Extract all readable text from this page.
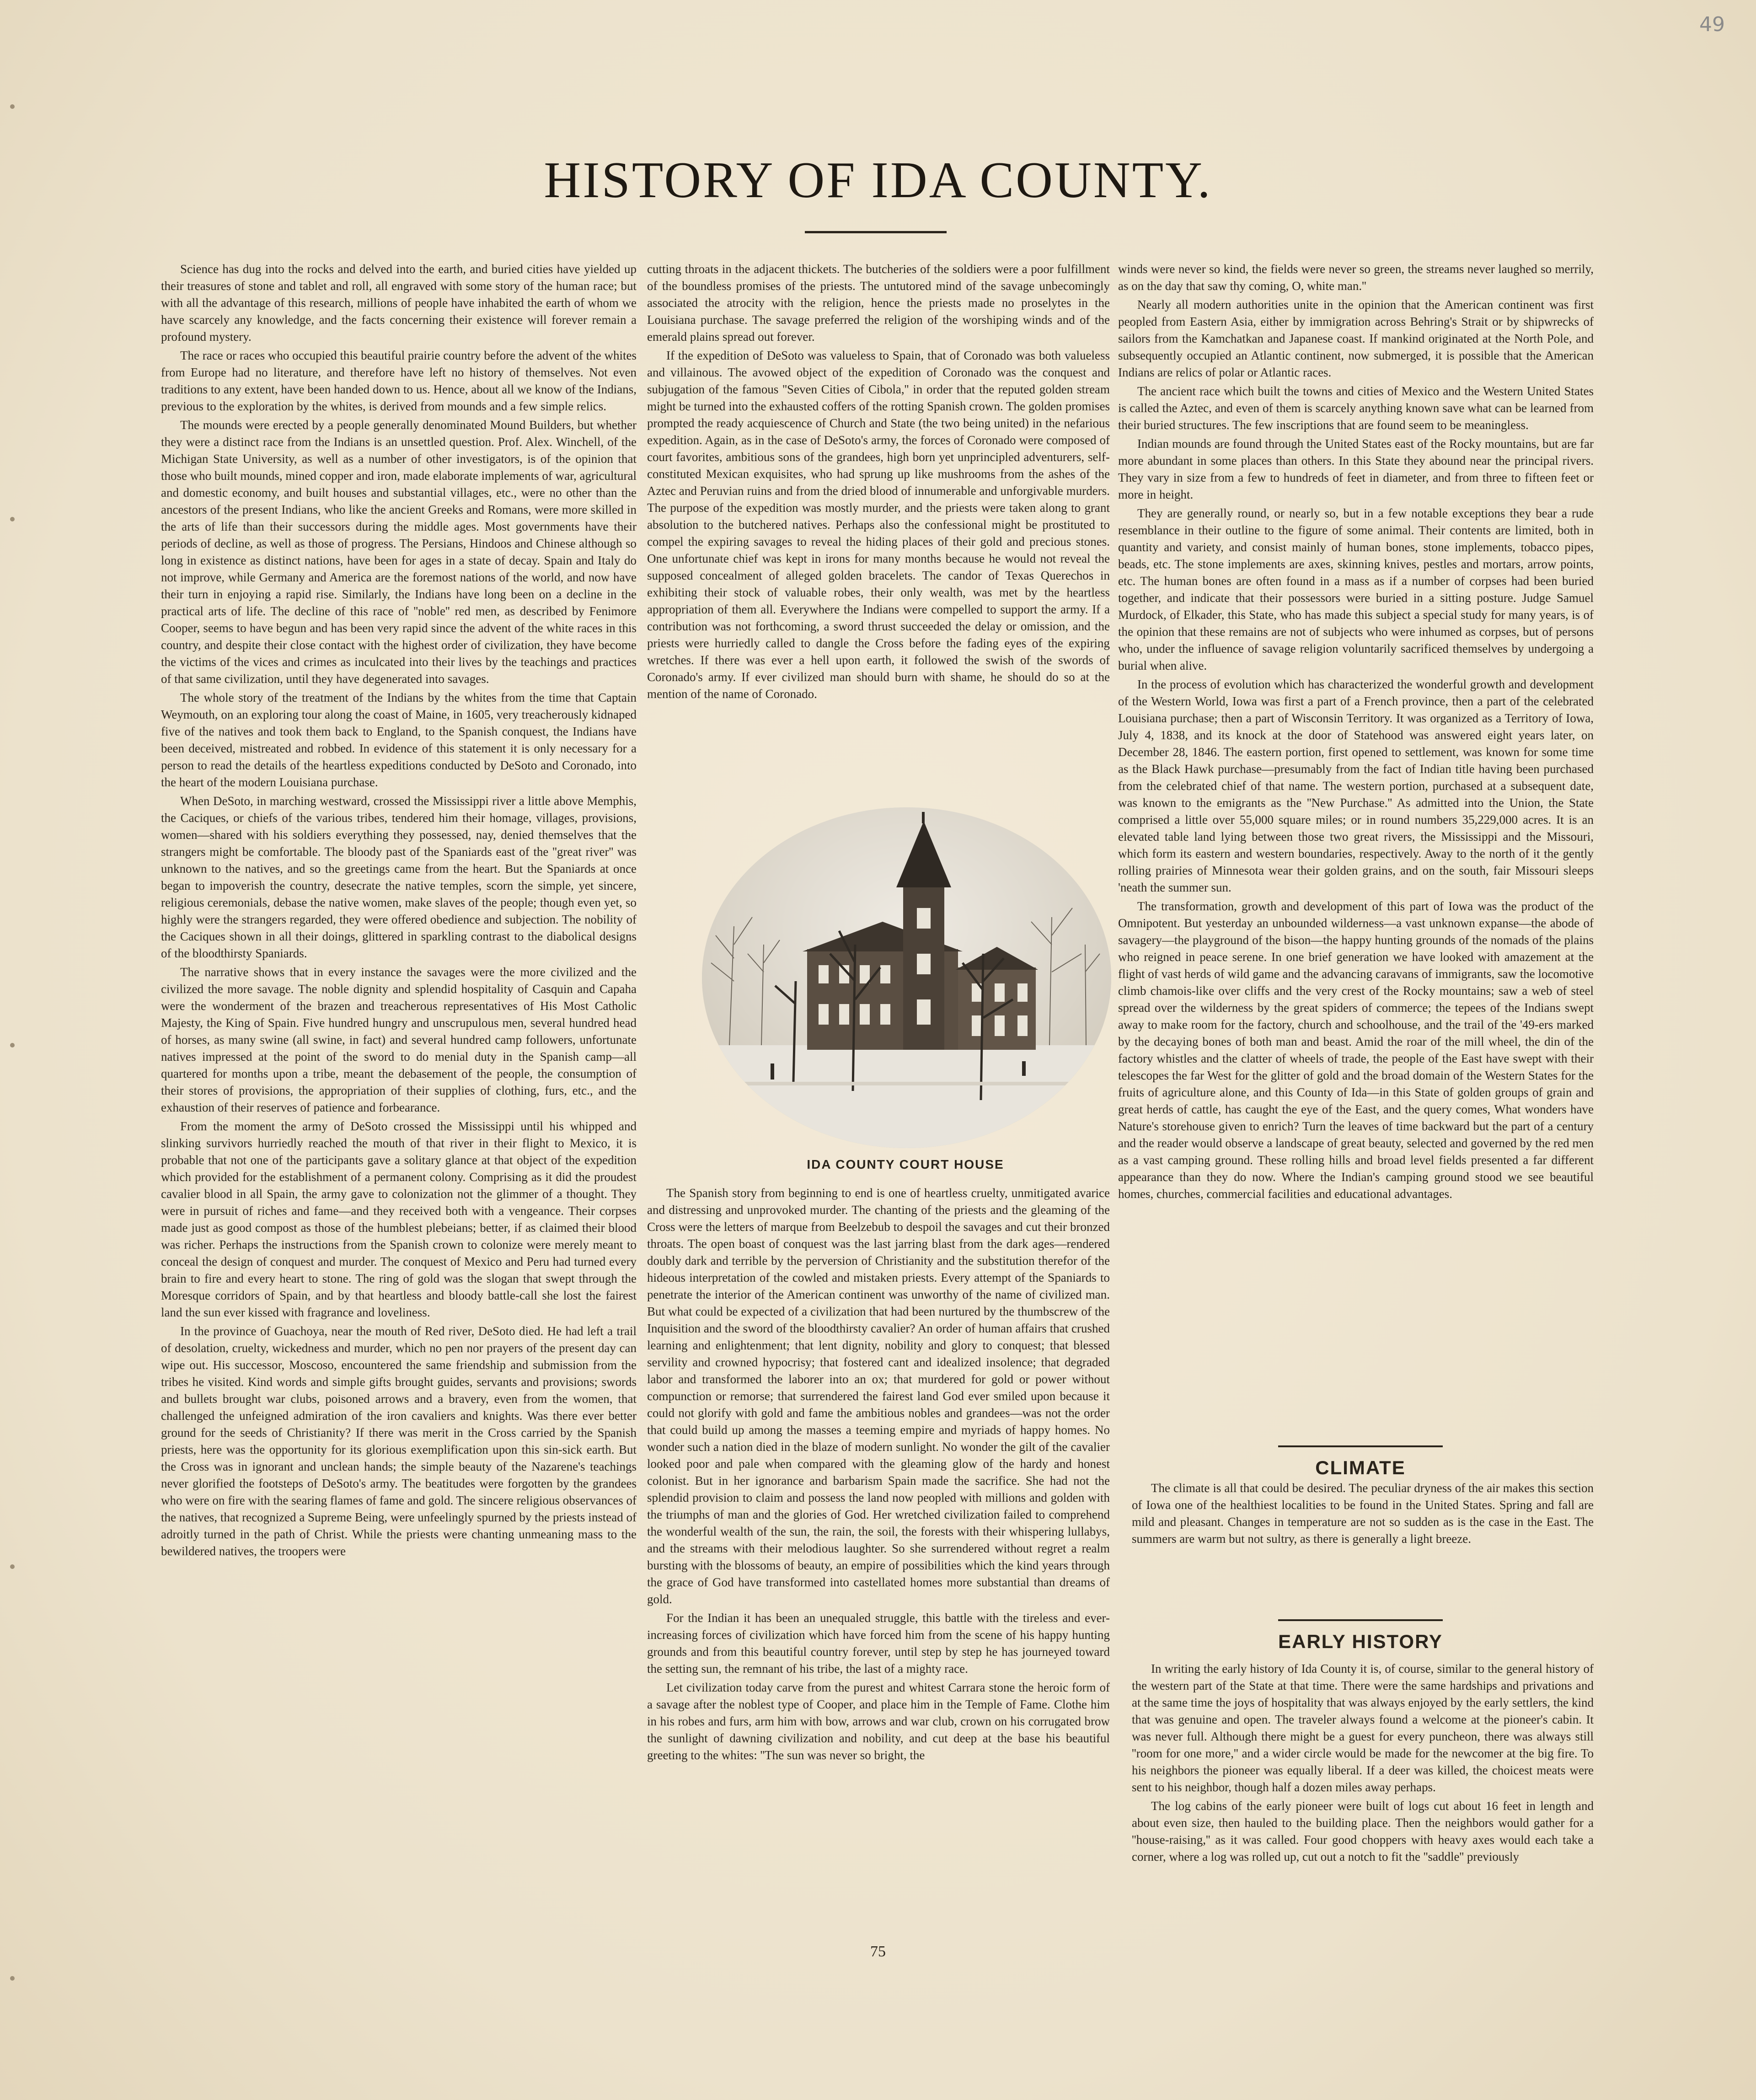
49
HISTORY OF IDA COUNTY.

Science has dug into the rocks and delved into the earth, and buried cities have yielded up their treasures of stone and tablet and roll, all engraved with some story of the human race; but with all the advantage of this research, millions of people have inhabited the earth of whom we have scarcely any knowledge, and the facts concerning their existence will forever remain a profound mystery.

The race or races who occupied this beautiful prairie country before the advent of the whites from Europe had no literature, and therefore have left no history of themselves. Not even traditions to any extent, have been handed down to us. Hence, about all we know of the Indians, previous to the exploration by the whites, is derived from mounds and a few simple relics.

The mounds were erected by a people generally denominated Mound Builders, but whether they were a distinct race from the Indians is an unsettled question. Prof. Alex. Winchell, of the Michigan State University, as well as a number of other investigators, is of the opinion that those who built mounds, mined copper and iron, made elaborate implements of war, agricultural and domestic economy, and built houses and substantial villages, etc., were no other than the ancestors of the present Indians, who like the ancient Greeks and Romans, were more skilled in the arts of life than their successors during the middle ages. Most governments have their periods of decline, as well as those of progress. The Persians, Hindoos and Chinese although so long in existence as distinct nations, have been for ages in a state of decay. Spain and Italy do not improve, while Germany and America are the foremost nations of the world, and now have their turn in enjoying a rapid rise. Similarly, the Indians have long been on a decline in the practical arts of life. The decline of this race of ''noble'' red men, as described by Fenimore Cooper, seems to have begun and has been very rapid since the advent of the white races in this country, and despite their close contact with the highest order of civilization, they have become the victims of the vices and crimes as inculcated into their lives by the teachings and practices of that same civilization, until they have degenerated into savages.

The whole story of the treatment of the Indians by the whites from the time that Captain Weymouth, on an exploring tour along the coast of Maine, in 1605, very treacherously kidnaped five of the natives and took them back to England, to the Spanish conquest, the Indians have been deceived, mistreated and robbed. In evidence of this statement it is only necessary for a person to read the details of the heartless expeditions conducted by DeSoto and Coronado, into the heart of the modern Louisiana purchase.

When DeSoto, in marching westward, crossed the Mississippi river a little above Memphis, the Caciques, or chiefs of the various tribes, tendered him their homage, villages, provisions, women—shared with his soldiers everything they possessed, nay, denied themselves that the strangers might be comfortable. The bloody past of the Spaniards east of the ''great river'' was unknown to the natives, and so the greetings came from the heart. But the Spaniards at once began to impoverish the country, desecrate the native temples, scorn the simple, yet sincere, religious ceremonials, debase the native women, make slaves of the people; though even yet, so highly were the strangers regarded, they were offered obedience and subjection. The nobility of the Caciques shown in all their doings, glittered in sparkling contrast to the diabolical designs of the bloodthirsty Spaniards.

The narrative shows that in every instance the savages were the more civilized and the civilized the more savage. The noble dignity and splendid hospitality of Casquin and Capaha were the wonderment of the brazen and treacherous representatives of His Most Catholic Majesty, the King of Spain. Five hundred hungry and unscrupulous men, several hundred head of horses, as many swine (all swine, in fact) and several hundred camp followers, unfortunate natives impressed at the point of the sword to do menial duty in the Spanish camp—all quartered for months upon a tribe, meant the debasement of the people, the consumption of their stores of provisions, the appropriation of their supplies of clothing, furs, etc., and the exhaustion of their reserves of patience and forbearance.

From the moment the army of DeSoto crossed the Mississippi until his whipped and slinking survivors hurriedly reached the mouth of that river in their flight to Mexico, it is probable that not one of the participants gave a solitary glance at that object of the expedition which provided for the establishment of a permanent colony. Comprising as it did the proudest cavalier blood in all Spain, the army gave to colonization not the glimmer of a thought. They were in pursuit of riches and fame—and they received both with a vengeance. Their corpses made just as good compost as those of the humblest plebeians; better, if as claimed their blood was richer. Perhaps the instructions from the Spanish crown to colonize were merely meant to conceal the design of conquest and murder. The conquest of Mexico and Peru had turned every brain to fire and every heart to stone. The ring of gold was the slogan that swept through the Moresque corridors of Spain, and by that heartless and bloody battle-call she lost the fairest land the sun ever kissed with fragrance and loveliness.

In the province of Guachoya, near the mouth of Red river, DeSoto died. He had left a trail of desolation, cruelty, wickedness and murder, which no pen nor prayers of the present day can wipe out. His successor, Moscoso, encountered the same friendship and submission from the tribes he visited. Kind words and simple gifts brought guides, servants and provisions; swords and bullets brought war clubs, poisoned arrows and a bravery, even from the women, that challenged the unfeigned admiration of the iron cavaliers and knights. Was there ever better ground for the seeds of Christianity? If there was merit in the Cross carried by the Spanish priests, here was the opportunity for its glorious exemplification upon this sin-sick earth. But the Cross was in ignorant and unclean hands; the simple beauty of the Nazarene's teachings never glorified the footsteps of DeSoto's army. The beatitudes were forgotten by the grandees who were on fire with the searing flames of fame and gold. The sincere religious observances of the natives, that recognized a Supreme Being, were unfeelingly spurned by the priests instead of adroitly turned in the path of Christ. While the priests were chanting unmeaning mass to the bewildered natives, the troopers were

cutting throats in the adjacent thickets. The butcheries of the soldiers were a poor fulfillment of the boundless promises of the priests. The untutored mind of the savage unbecomingly associated the atrocity with the religion, hence the priests made no proselytes in the Louisiana purchase. The savage preferred the religion of the worshiping winds and of the emerald plains spread out forever.

If the expedition of DeSoto was valueless to Spain, that of Coronado was both valueless and villainous. The avowed object of the expedition of Coronado was the conquest and subjugation of the famous ''Seven Cities of Cibola,'' in order that the reputed golden stream might be turned into the exhausted coffers of the rotting Spanish crown. The golden promises prompted the ready acquiescence of Church and State (the two being united) in the nefarious expedition. Again, as in the case of DeSoto's army, the forces of Coronado were composed of court favorites, ambitious sons of the grandees, high born yet unprincipled adventurers, self-constituted Mexican exquisites, who had sprung up like mushrooms from the ashes of the Aztec and Peruvian ruins and from the dried blood of innumerable and unforgivable murders. The purpose of the expedition was mostly murder, and the priests were taken along to grant absolution to the butchered natives. Perhaps also the confessional might be prostituted to compel the expiring savages to reveal the hiding places of their gold and precious stones. One unfortunate chief was kept in irons for many months because he would not reveal the supposed concealment of alleged golden bracelets. The candor of Texas Querechos in exhibiting their stock of valuable robes, their only wealth, was met by the heartless appropriation of them all. Everywhere the Indians were compelled to support the army. If a contribution was not forthcoming, a sword thrust succeeded the delay or omission, and the priests were hurriedly called to dangle the Cross before the fading eyes of the expiring wretches. If there was ever a hell upon earth, it followed the swish of the swords of Coronado's army. If ever civilized man should burn with shame, he should do so at the mention of the name of Coronado.

IDA COUNTY COURT HOUSE

The Spanish story from beginning to end is one of heartless cruelty, unmitigated avarice and distressing and unprovoked murder. The chanting of the priests and the gleaming of the Cross were the letters of marque from Beelzebub to despoil the savages and cut their bronzed throats. The open boast of conquest was the last jarring blast from the dark ages—rendered doubly dark and terrible by the perversion of Christianity and the substitution therefor of the hideous interpretation of the cowled and mistaken priests. Every attempt of the Spaniards to penetrate the interior of the American continent was unworthy of the name of civilized man. But what could be expected of a civilization that had been nurtured by the thumbscrew of the Inquisition and the sword of the bloodthirsty cavalier? An order of human affairs that crushed learning and enlightenment; that lent dignity, nobility and glory to conquest; that blessed servility and crowned hypocrisy; that fostered cant and idealized insolence; that degraded labor and transformed the laborer into an ox; that murdered for gold or power without compunction or remorse; that surrendered the fairest land God ever smiled upon because it could not glorify with gold and fame the ambitious nobles and grandees—was not the order that could build up among the masses a teeming empire and myriads of happy homes. No wonder such a nation died in the blaze of modern sunlight. No wonder the gilt of the cavalier looked poor and pale when compared with the gleaming glow of the hardy and honest colonist. But in her ignorance and barbarism Spain made the sacrifice. She had not the splendid provision to claim and possess the land now peopled with millions and golden with the triumphs of man and the glories of God. Her wretched civilization failed to comprehend the wonderful wealth of the sun, the rain, the soil, the forests with their whispering lullabys, and the streams with their melodious laughter. So she surrendered without regret a realm bursting with the blossoms of beauty, an empire of possibilities which the kind years through the grace of God have transformed into castellated homes more substantial than dreams of gold.

For the Indian it has been an unequaled struggle, this battle with the tireless and ever-increasing forces of civilization which have forced him from the scene of his happy hunting grounds and from this beautiful country forever, until step by step he has journeyed toward the setting sun, the remnant of his tribe, the last of a mighty race.

Let civilization today carve from the purest and whitest Carrara stone the heroic form of a savage after the noblest type of Cooper, and place him in the Temple of Fame. Clothe him in his robes and furs, arm him with bow, arrows and war club, crown on his corrugated brow the sunlight of dawning civilization and nobility, and cut deep at the base his beautiful greeting to the whites: ''The sun was never so bright, the

winds were never so kind, the fields were never so green, the streams never laughed so merrily, as on the day that saw thy coming, O, white man.''

Nearly all modern authorities unite in the opinion that the American continent was first peopled from Eastern Asia, either by immigration across Behring's Strait or by shipwrecks of sailors from the Kamchatkan and Japanese coast. If mankind originated at the North Pole, and subsequently occupied an Atlantic continent, now submerged, it is possible that the American Indians are relics of polar or Atlantic races.

The ancient race which built the towns and cities of Mexico and the Western United States is called the Aztec, and even of them is scarcely anything known save what can be learned from their buried structures. The few inscriptions that are found seem to be meaningless.

Indian mounds are found through the United States east of the Rocky mountains, but are far more abundant in some places than others. In this State they abound near the principal rivers. They vary in size from a few to hundreds of feet in diameter, and from three to fifteen feet or more in height.

They are generally round, or nearly so, but in a few notable exceptions they bear a rude resemblance in their outline to the figure of some animal. Their contents are limited, both in quantity and variety, and consist mainly of human bones, stone implements, tobacco pipes, beads, etc. The stone implements are axes, skinning knives, pestles and mortars, arrow points, etc. The human bones are often found in a mass as if a number of corpses had been buried together, and indicate that their possessors were buried in a sitting posture. Judge Samuel Murdock, of Elkader, this State, who has made this subject a special study for many years, is of the opinion that these remains are not of subjects who were inhumed as corpses, but of persons who, under the influence of savage religion voluntarily sacrificed themselves by undergoing a burial when alive.

In the process of evolution which has characterized the wonderful growth and development of the Western World, Iowa was first a part of a French province, then a part of the celebrated Louisiana purchase; then a part of Wisconsin Territory. It was organized as a Territory of Iowa, July 4, 1838, and its knock at the door of Statehood was answered eight years later, on December 28, 1846. The eastern portion, first opened to settlement, was known for some time as the Black Hawk purchase—presumably from the fact of Indian title having been purchased from the celebrated chief of that name. The western portion, purchased at a subsequent date, was known to the emigrants as the ''New Purchase.'' As admitted into the Union, the State comprised a little over 55,000 square miles; or in round numbers 35,229,000 acres. It is an elevated table land lying between those two great rivers, the Mississippi and the Missouri, which form its eastern and western boundaries, respectively. Away to the north of it the gently rolling prairies of Minnesota wear their golden grains, and on the south, fair Missouri sleeps 'neath the summer sun.

The transformation, growth and development of this part of Iowa was the product of the Omnipotent. But yesterday an unbounded wilderness—a vast unknown expanse—the abode of savagery—the playground of the bison—the happy hunting grounds of the nomads of the plains who reigned in peace serene. In one brief generation we have looked with amazement at the flight of vast herds of wild game and the advancing caravans of immigrants, saw the locomotive climb chamois-like over cliffs and the very crest of the Rocky mountains; saw a web of steel spread over the wilderness by the great spiders of commerce; the tepees of the Indians swept away to make room for the factory, church and schoolhouse, and the trail of the '49-ers marked by the decaying bones of both man and beast. Amid the roar of the mill wheel, the din of the factory whistles and the clatter of wheels of trade, the people of the East have swept with their telescopes the far West for the glitter of gold and the broad domain of the Western States for the fruits of agriculture alone, and this County of Ida—in this State of golden groups of grain and great herds of cattle, has caught the eye of the East, and the query comes, What wonders have Nature's storehouse given to enrich? Turn the leaves of time backward but the part of a century and the reader would observe a landscape of great beauty, selected and governed by the red men as a vast camping ground. These rolling hills and broad level fields presented a far different appearance than they do now. Where the Indian's camping ground stood we see beautiful homes, churches, commercial facilities and educational advantages.

CLIMATE

The climate is all that could be desired. The peculiar dryness of the air makes this section of Iowa one of the healthiest localities to be found in the United States. Spring and fall are mild and pleasant. Changes in temperature are not so sudden as is the case in the East. The summers are warm but not sultry, as there is generally a light breeze.

EARLY HISTORY

In writing the early history of Ida County it is, of course, similar to the general history of the western part of the State at that time. There were the same hardships and privations and at the same time the joys of hospitality that was always enjoyed by the early settlers, the kind that was genuine and open. The traveler always found a welcome at the pioneer's cabin. It was never full. Although there might be a guest for every puncheon, there was always still ''room for one more,'' and a wider circle would be made for the newcomer at the big fire. To his neighbors the pioneer was equally liberal. If a deer was killed, the choicest meats were sent to his neighbor, though half a dozen miles away perhaps.

The log cabins of the early pioneer were built of logs cut about 16 feet in length and about even size, then hauled to the building place. Then the neighbors would gather for a ''house-raising,'' as it was called. Four good choppers with heavy axes would each take a corner, where a log was rolled up, cut out a notch to fit the ''saddle'' previously

75
